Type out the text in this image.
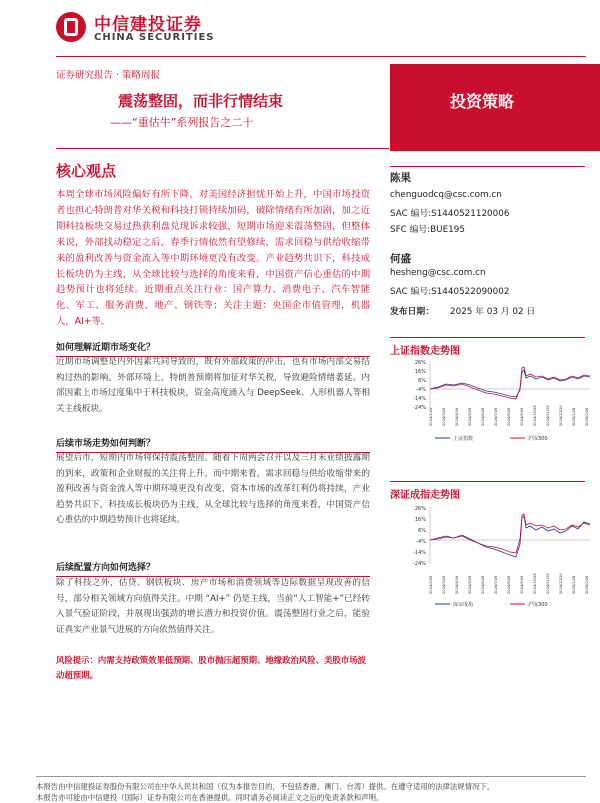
中信建投证券
CHINA SECURITIES
证券研究报告 · 策略周报
震荡整固，而非行情结束
——“重估牛”系列报告之二十
投资策略
核心观点
本周全球市场风险偏好有所下降，对美国经济担忧开始上升，中国市场投资者也担心特朗普对华关税和科技打锁持续加码，破除情绪有所加剧，加之近期科技板块交易过热获利盘兑现诉求较强，短期市场迎来震荡整固，但整体来说，外部找动稳定之后，春季行情依然有望修续，需求回稳与供给收缩带来的盈利改善与资金流入等中期环境更没有改变。产业趋势共识下，科技成长板块仍为主线，从全球比较与选择的角度来看，中国资产信心重估的中期趋势预计也将延续。近期重点关注行业：国产算力、消费电子、汽车智能化、军工、服务消费、地产、钢铁等；关注主题：央国企市值管理，机器人，AI+等。
如何理解近期市场变化？
近期市场调整是内外因素共同导致的，既有外部政策的冲击，也有市场内部交易结构过热的影响。外部环境上，特朗普预期将加征对华关税，导致避险情绪萎延。内部因素上市场过度集中于科技板块，资金高度涌入与 DeepSeek、人形机器人等相关主线板块。
后续市场走势如何判断？
展望后市，短期内市场将保持震荡整固。随着下周两会召开以及三月末业绩披露期的到来，政策和企业财报的关注将上升。而中期来看，需求回稳与供给收缩带来的盈利改善与资金流入等中期环境更没有改变，资本市场的改革红利仍将持续，产业趋势共识下，科技成长板块仍为主线，从全球比较与选择的角度来看，中国资产信心重估的中期趋势预计也将延续。
后续配置方向如何选择？
除了科技之外，估贷、钢铁板块、房产市场和消费领域等边际数据呈现改善的信号，部分相关领域方向值得关注。中期 “AI+” 仍是主线，当前“人工智能+”已经转入景气验证阶段，并展现出强劲的增长潜力和投资价值。震荡整固行业之后，能验证真实产业景气进展的方向依然值得关注。
风险提示：内需支持政策效果低预期、股市抛压超预期、地缘政治风险、美股市场波动超预期。
陈果
chenguodcq@csc.com.cn
SAC 编号:S1440521120006
SFC 编号:BUE195
何盛
hesheng@csc.com.cn
SAC 编号:S1440522090002
发布日期： 2025 年 03 月 02 日
上证指数走势图
26%
16%
6%
-4%
-14%
-24% 2024/2/26	2024/3/26	2024/4/26	2024/5/26	2024/6/26	2024/7/26	2024/8/26	2024/9/26	2024/10/26	2024/11/26	2024/12/26	2025/1/26	2025/2/26
上证指数	沪深300
深证成指走势图
26%
16%
6%
-4%
-14%
-24%
2024/2/26	2024/3/26	2024/4/26	2024/5/26	2024/6/26	2024/7/26	2024/8/26	2024/9/26	2024/10/26	2024/11/26	2024/12/26	2025/1/26	2025/2/26
深证成指	沪深300
本报告由中信建投证券股份有限公司在中华人民共和国（仅为本报告目的，不包括香港、澳门、台湾）提供。在遵守适用的法律法规情况下，
本报告亦可能由中信建投（国际）证券有限公司在香港提供。同时请务必阅读正文之后的免责条款和声明。
